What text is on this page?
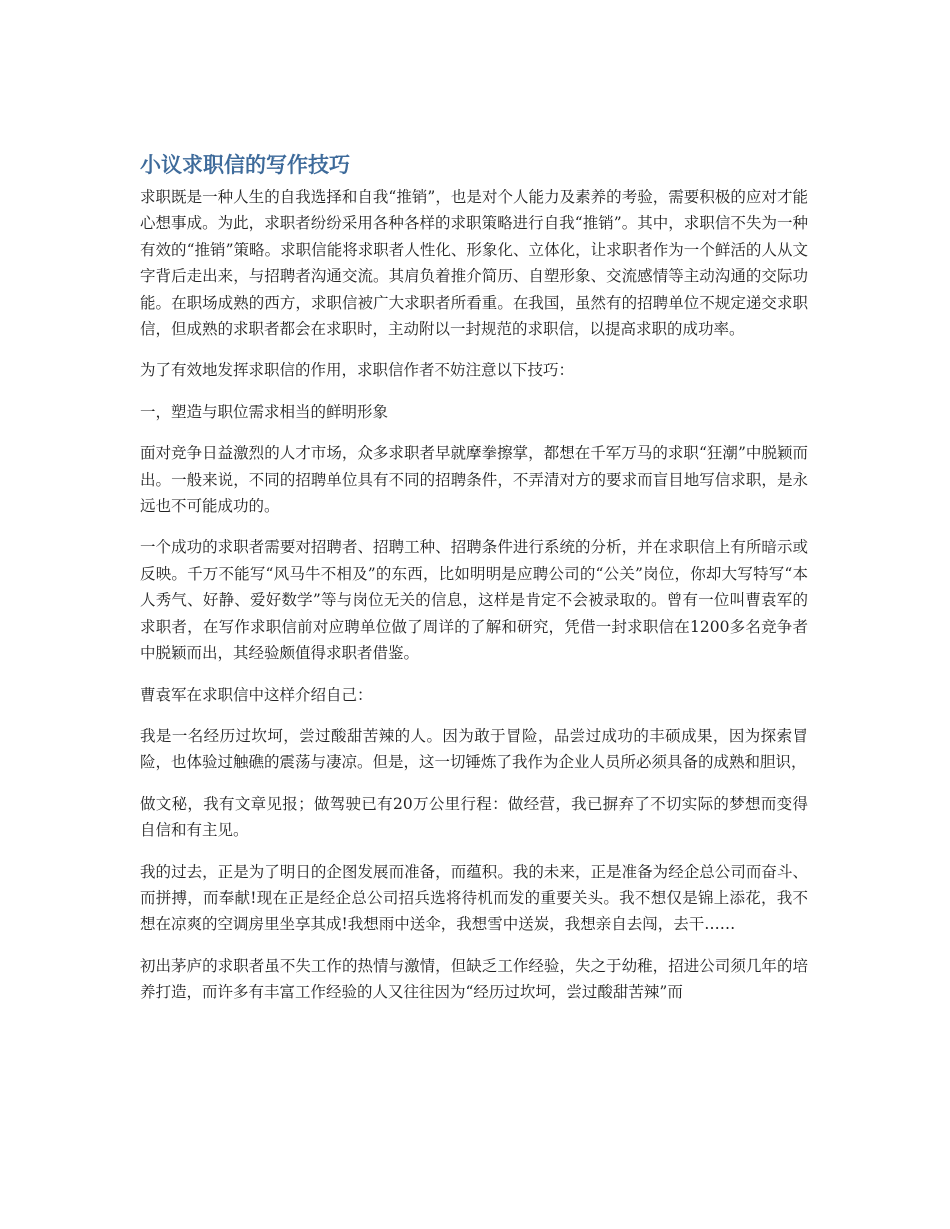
小议求职信的写作技巧

求职既是一种人生的自我选择和自我“推销”，也是对个人能力及素养的考验，需要积极的应对才能心想事成。为此，求职者纷纷采用各种各样的求职策略进行自我“推销”。其中，求职信不失为一种有效的“推销”策略。求职信能将求职者人性化、形象化、立体化，让求职者作为一个鲜活的人从文字背后走出来，与招聘者沟通交流。其肩负着推介简历、自塑形象、交流感情等主动沟通的交际功能。在职场成熟的西方，求职信被广大求职者所看重。在我国，虽然有的招聘单位不规定递交求职信，但成熟的求职者都会在求职时，主动附以一封规范的求职信，以提高求职的成功率。

为了有效地发挥求职信的作用，求职信作者不妨注意以下技巧：

一，塑造与职位需求相当的鲜明形象

面对竞争日益激烈的人才市场，众多求职者早就摩拳擦掌，都想在千军万马的求职“狂潮”中脱颖而出。一般来说，不同的招聘单位具有不同的招聘条件，不弄清对方的要求而盲目地写信求职，是永远也不可能成功的。

一个成功的求职者需要对招聘者、招聘工种、招聘条件进行系统的分析，并在求职信上有所暗示或反映。千万不能写“风马牛不相及”的东西，比如明明是应聘公司的“公关”岗位，你却大写特写“本人秀气、好静、爱好数学”等与岗位无关的信息，这样是肯定不会被录取的。曾有一位叫曹袁军的求职者，在写作求职信前对应聘单位做了周详的了解和研究，凭借一封求职信在1200多名竞争者中脱颖而出，其经验颇值得求职者借鉴。

曹袁军在求职信中这样介绍自己：

我是一名经历过坎坷，尝过酸甜苦辣的人。因为敢于冒险，品尝过成功的丰硕成果，因为探索冒险，也体验过触礁的震荡与凄凉。但是，这一切锤炼了我作为企业人员所必须具备的成熟和胆识，

做文秘，我有文章见报；做驾驶已有20万公里行程：做经营，我已摒弃了不切实际的梦想而变得自信和有主见。

我的过去，正是为了明日的企图发展而准备，而蕴积。我的未来，正是准备为经企总公司而奋斗、而拼搏，而奉献!现在正是经企总公司招兵选将待机而发的重要关头。我不想仅是锦上添花，我不想在凉爽的空调房里坐享其成!我想雨中送伞，我想雪中送炭，我想亲自去闯，去干……

初出茅庐的求职者虽不失工作的热情与激情，但缺乏工作经验，失之于幼稚，招进公司须几年的培养打造，而许多有丰富工作经验的人又往往因为“经历过坎坷，尝过酸甜苦辣”而
